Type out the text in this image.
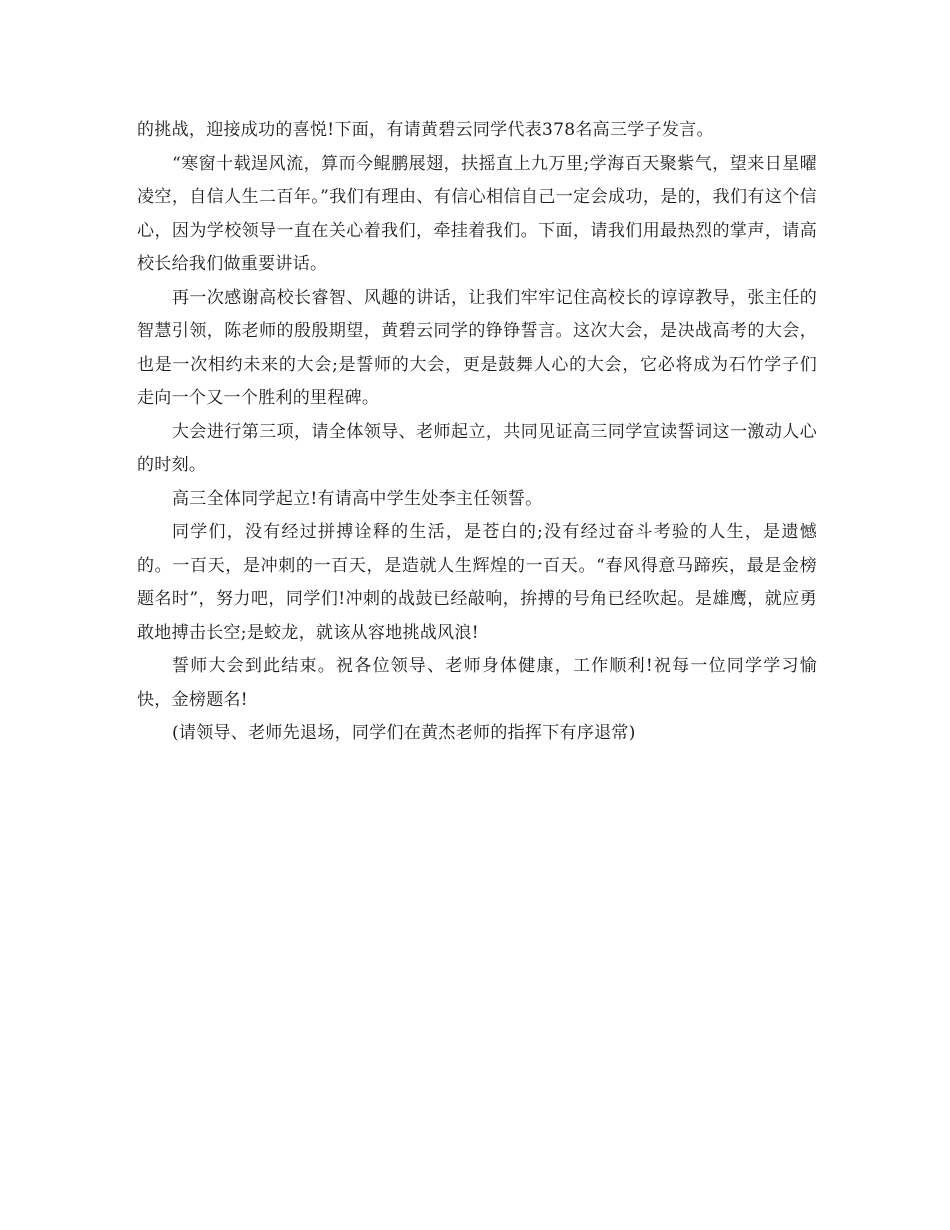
的挑战，迎接成功的喜悦!下面，有请黄碧云同学代表378名高三学子发言。

“寒窗十载逞风流，算而今鲲鹏展翅，扶摇直上九万里;学海百天聚紫气，望来日星曜凌空，自信人生二百年。”我们有理由、有信心相信自己一定会成功，是的，我们有这个信心，因为学校领导一直在关心着我们，牵挂着我们。下面，请我们用最热烈的掌声，请高校长给我们做重要讲话。

再一次感谢高校长睿智、风趣的讲话，让我们牢牢记住高校长的谆谆教导，张主任的智慧引领，陈老师的殷殷期望，黄碧云同学的铮铮誓言。这次大会，是决战高考的大会，也是一次相约未来的大会;是誓师的大会，更是鼓舞人心的大会，它必将成为石竹学子们走向一个又一个胜利的里程碑。

大会进行第三项，请全体领导、老师起立，共同见证高三同学宣读誓词这一激动人心的时刻。

高三全体同学起立!有请高中学生处李主任领誓。

同学们，没有经过拼搏诠释的生活，是苍白的;没有经过奋斗考验的人生，是遗憾的。一百天，是冲刺的一百天，是造就人生辉煌的一百天。“春风得意马蹄疾，最是金榜题名时”，努力吧，同学们!冲刺的战鼓已经敲响，拚搏的号角已经吹起。是雄鹰，就应勇敢地搏击长空;是蛟龙，就该从容地挑战风浪!

誓师大会到此结束。祝各位领导、老师身体健康，工作顺利!祝每一位同学学习愉快，金榜题名!

(请领导、老师先退场，同学们在黄杰老师的指挥下有序退常)
